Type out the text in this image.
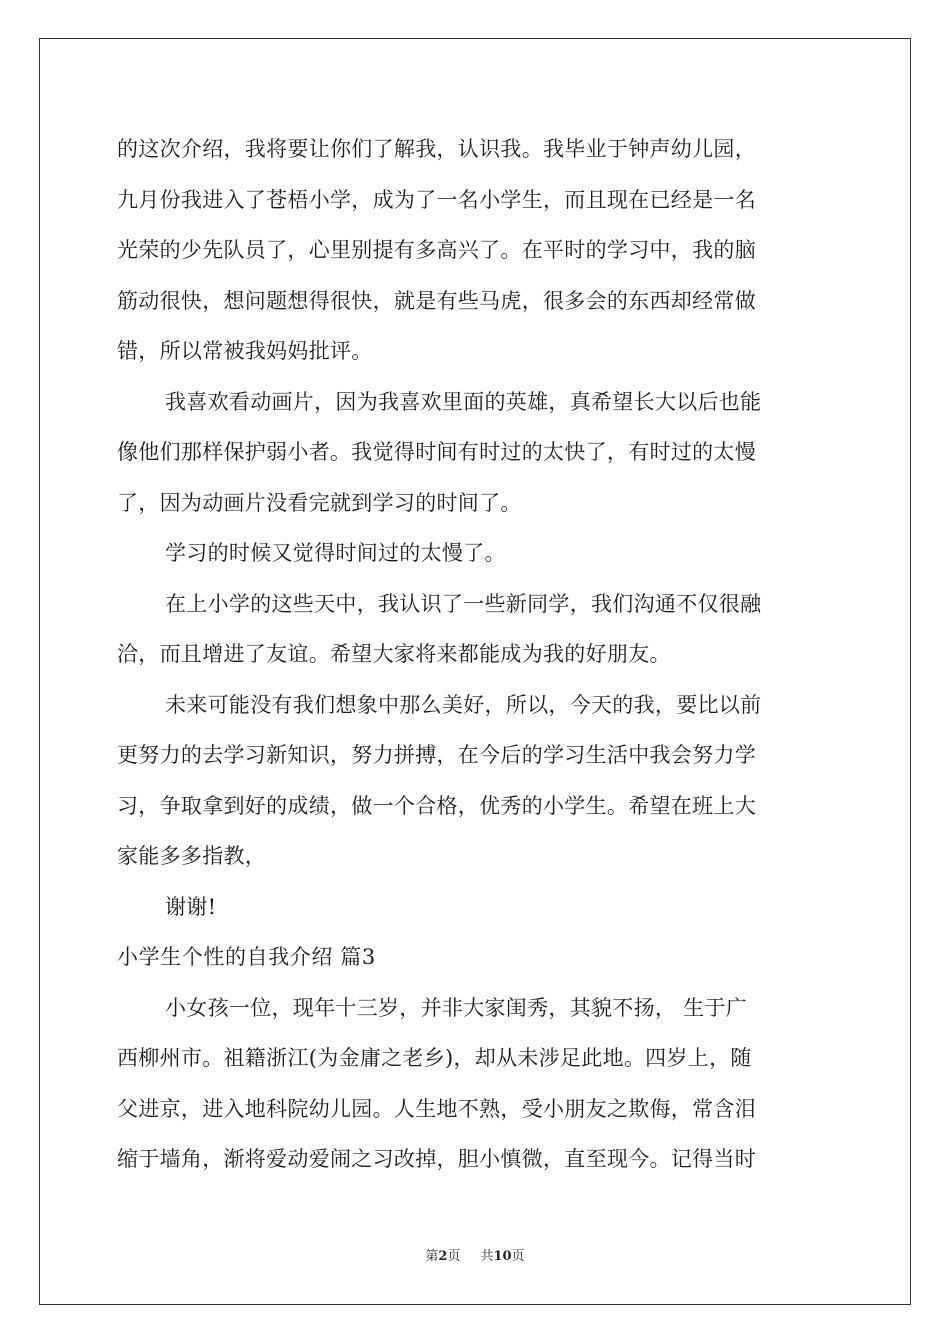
的这次介绍，我将要让你们了解我，认识我。我毕业于钟声幼儿园，
九月份我进入了苍梧小学，成为了一名小学生，而且现在已经是一名
光荣的少先队员了，心里别提有多高兴了。在平时的学习中，我的脑
筋动很快，想问题想得很快，就是有些马虎，很多会的东西却经常做
错，所以常被我妈妈批评。
我喜欢看动画片，因为我喜欢里面的英雄，真希望长大以后也能
像他们那样保护弱小者。我觉得时间有时过的太快了，有时过的太慢
了，因为动画片没看完就到学习的时间了。
学习的时候又觉得时间过的太慢了。
在上小学的这些天中，我认识了一些新同学，我们沟通不仅很融
洽，而且增进了友谊。希望大家将来都能成为我的好朋友。
未来可能没有我们想象中那么美好，所以，今天的我，要比以前
更努力的去学习新知识，努力拼搏，在今后的学习生活中我会努力学
习，争取拿到好的成绩，做一个合格，优秀的小学生。希望在班上大
家能多多指教，
谢谢!
小学生个性的自我介绍 篇3
小女孩一位，现年十三岁，并非大家闺秀，其貌不扬， 生于广
西柳州市。祖籍浙江(为金庸之老乡)，却从未涉足此地。四岁上，随
父进京，进入地科院幼儿园。人生地不熟，受小朋友之欺侮，常含泪
缩于墙角，渐将爱动爱闹之习改掉，胆小慎微，直至现今。记得当时
第2页 共10页
